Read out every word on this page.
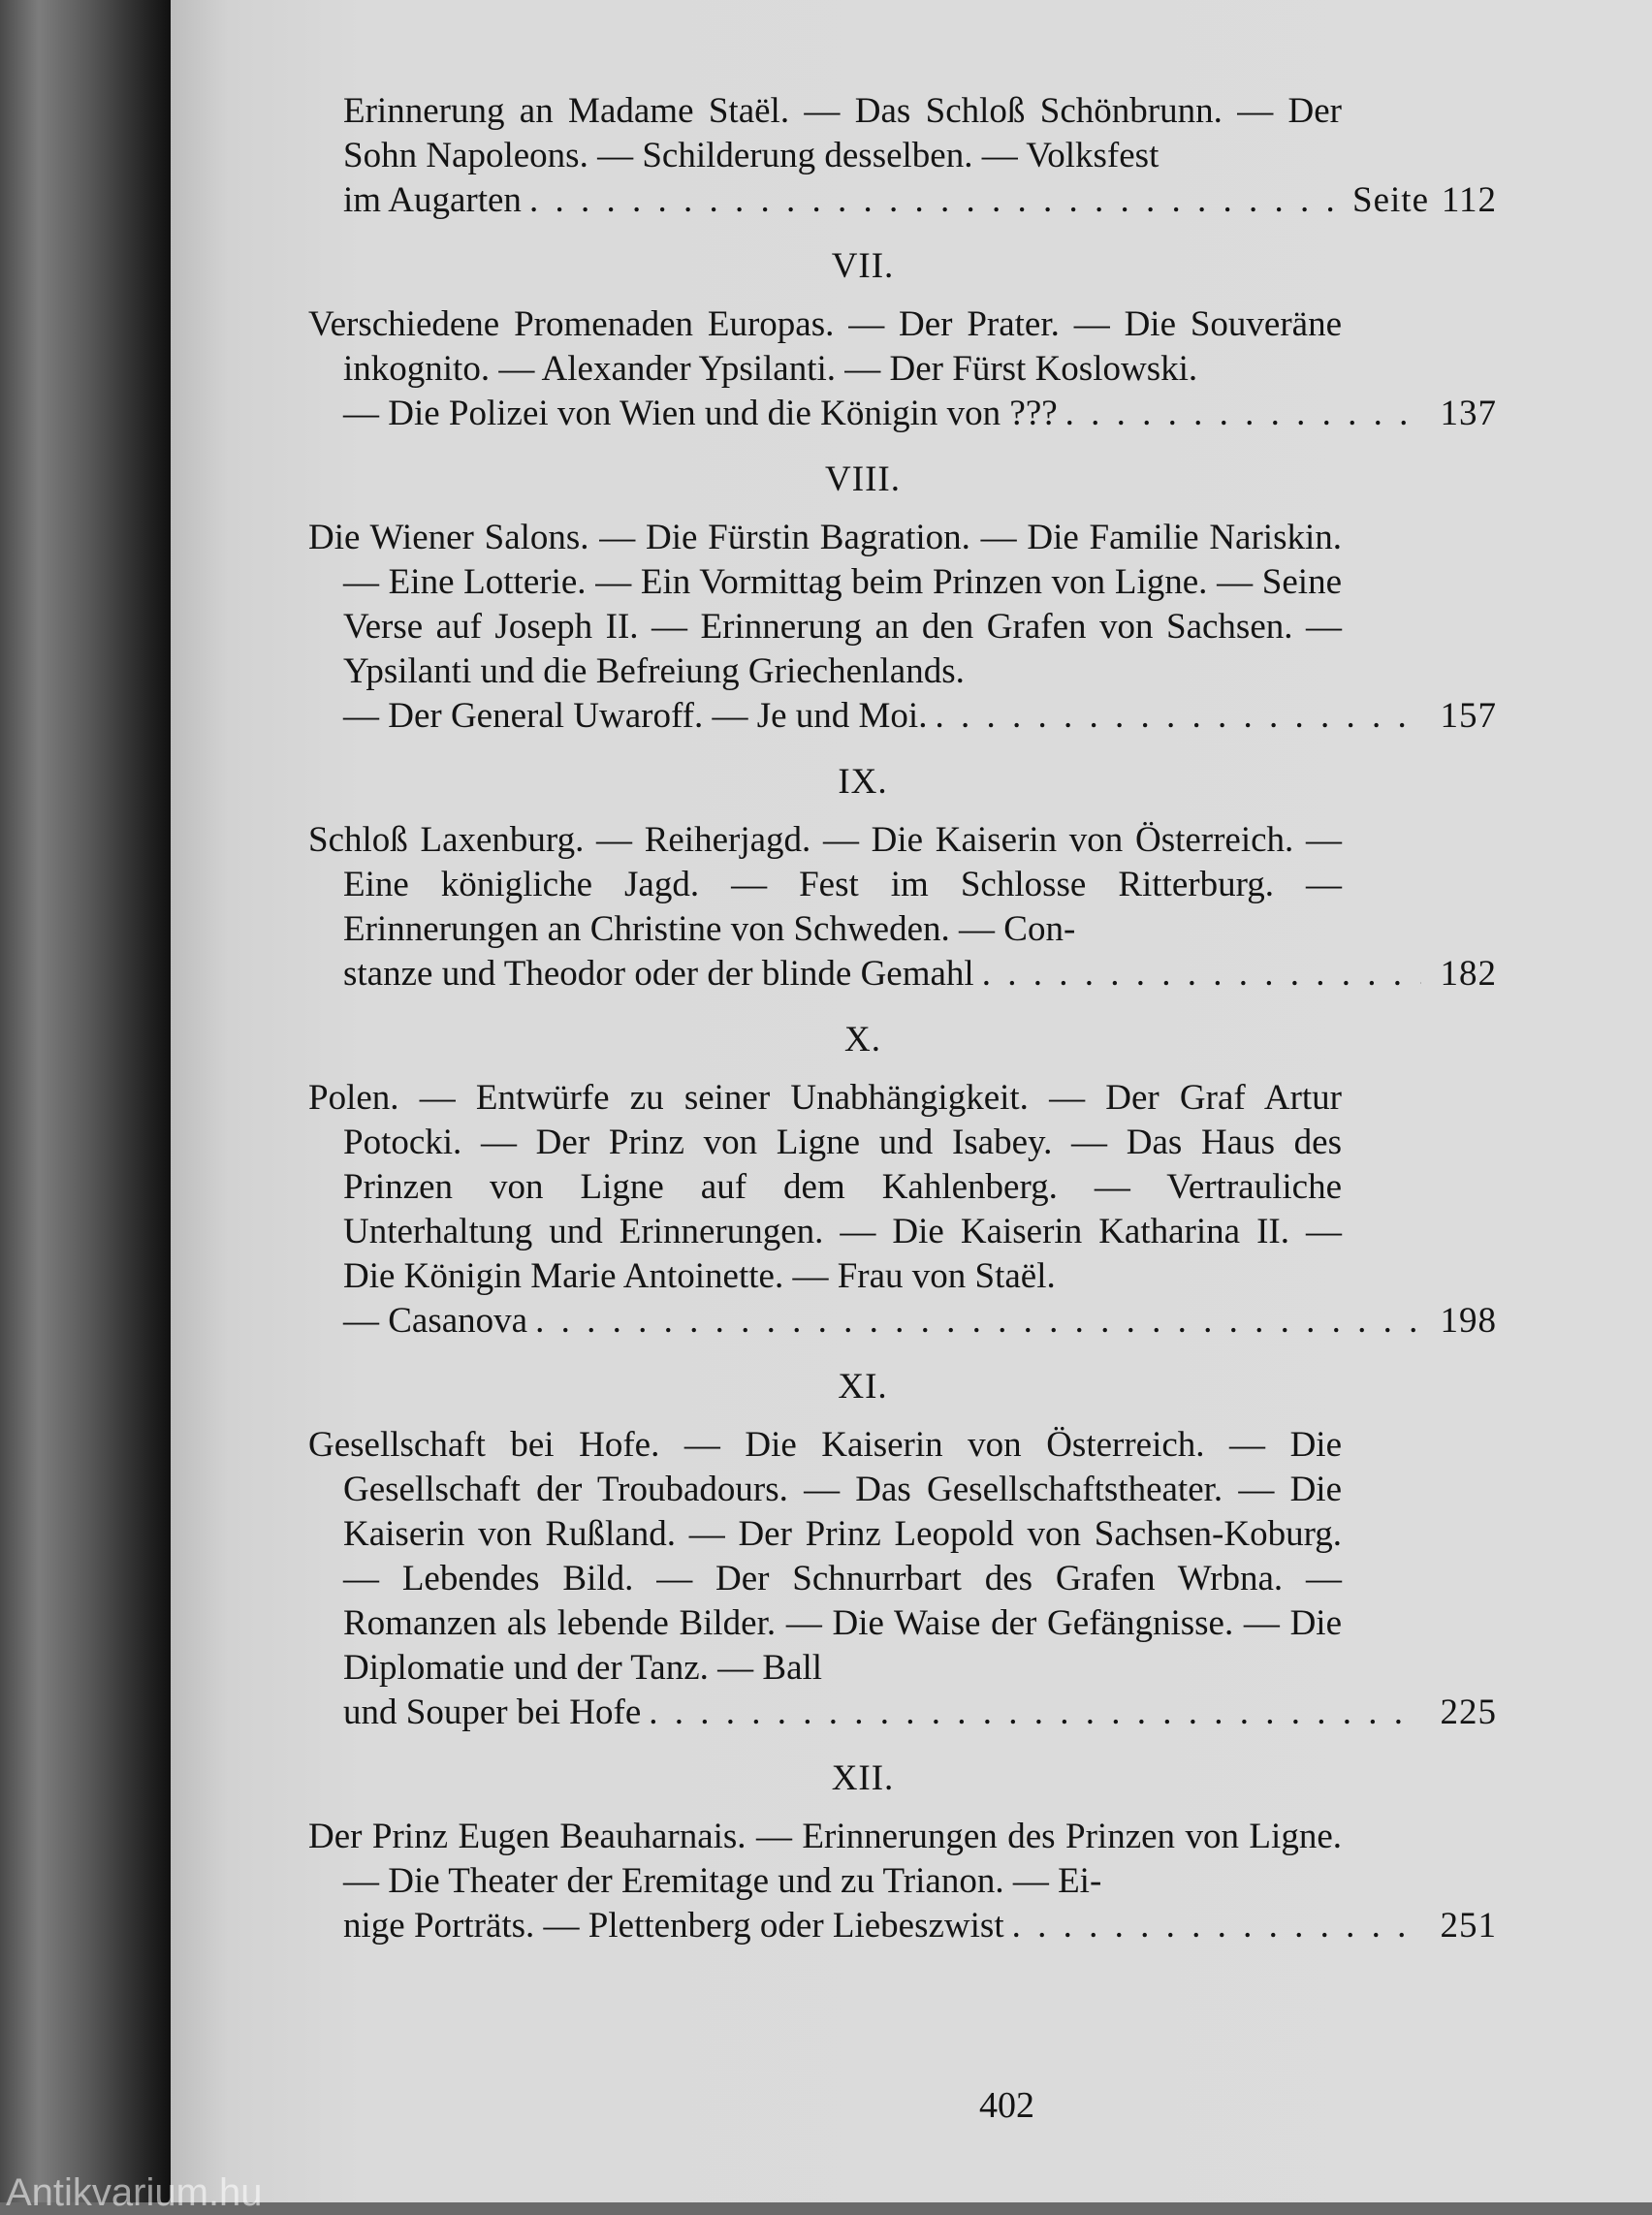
Erinnerung an Madame Staël. — Das Schloß Schönbrunn. — Der Sohn Napoleons. — Schilderung desselben. — Volksfest
im Augarten . . .	Seite 112
VII.
Verschiedene Promenaden Europas. — Der Prater. — Die Souveräne inkognito. — Alexander Ypsilanti. — Der Fürst Koslowski.
— Die Polizei von Wien und die Königin von ??? . . .	137
VIII.
Die Wiener Salons. — Die Fürstin Bagration. — Die Familie Nariskin. — Eine Lotterie. — Ein Vormittag beim Prinzen von Ligne. — Seine Verse auf Joseph II. — Erinnerung an den Grafen von Sachsen. — Ypsilanti und die Befreiung Griechenlands.
— Der General Uwaroff. — Je und Moi. . . .	157
IX.
Schloß Laxenburg. — Reiherjagd. — Die Kaiserin von Österreich. — Eine königliche Jagd. — Fest im Schlosse Ritterburg. — Erinnerungen an Christine von Schweden. — Con-
stanze und Theodor oder der blinde Gemahl . . .	182
X.
Polen. — Entwürfe zu seiner Unabhängigkeit. — Der Graf Artur Potocki. — Der Prinz von Ligne und Isabey. — Das Haus des Prinzen von Ligne auf dem Kahlenberg. — Vertrauliche Unterhaltung und Erinnerungen. — Die Kaiserin Katharina II. — Die Königin Marie Antoinette. — Frau von Staël.
— Casanova . . .	198
XI.
Gesellschaft bei Hofe. — Die Kaiserin von Österreich. — Die Gesellschaft der Troubadours. — Das Gesellschaftstheater. — Die Kaiserin von Rußland. — Der Prinz Leopold von Sachsen-Koburg. — Lebendes Bild. — Der Schnurrbart des Grafen Wrbna. — Romanzen als lebende Bilder. — Die Waise der Gefängnisse. — Die Diplomatie und der Tanz. — Ball
und Souper bei Hofe . . .	225
XII.
Der Prinz Eugen Beauharnais. — Erinnerungen des Prinzen von Ligne. — Die Theater der Eremitage und zu Trianon. — Ei-
nige Porträts. — Plettenberg oder Liebeszwist . . .	251
402
Antikvarium.hu
